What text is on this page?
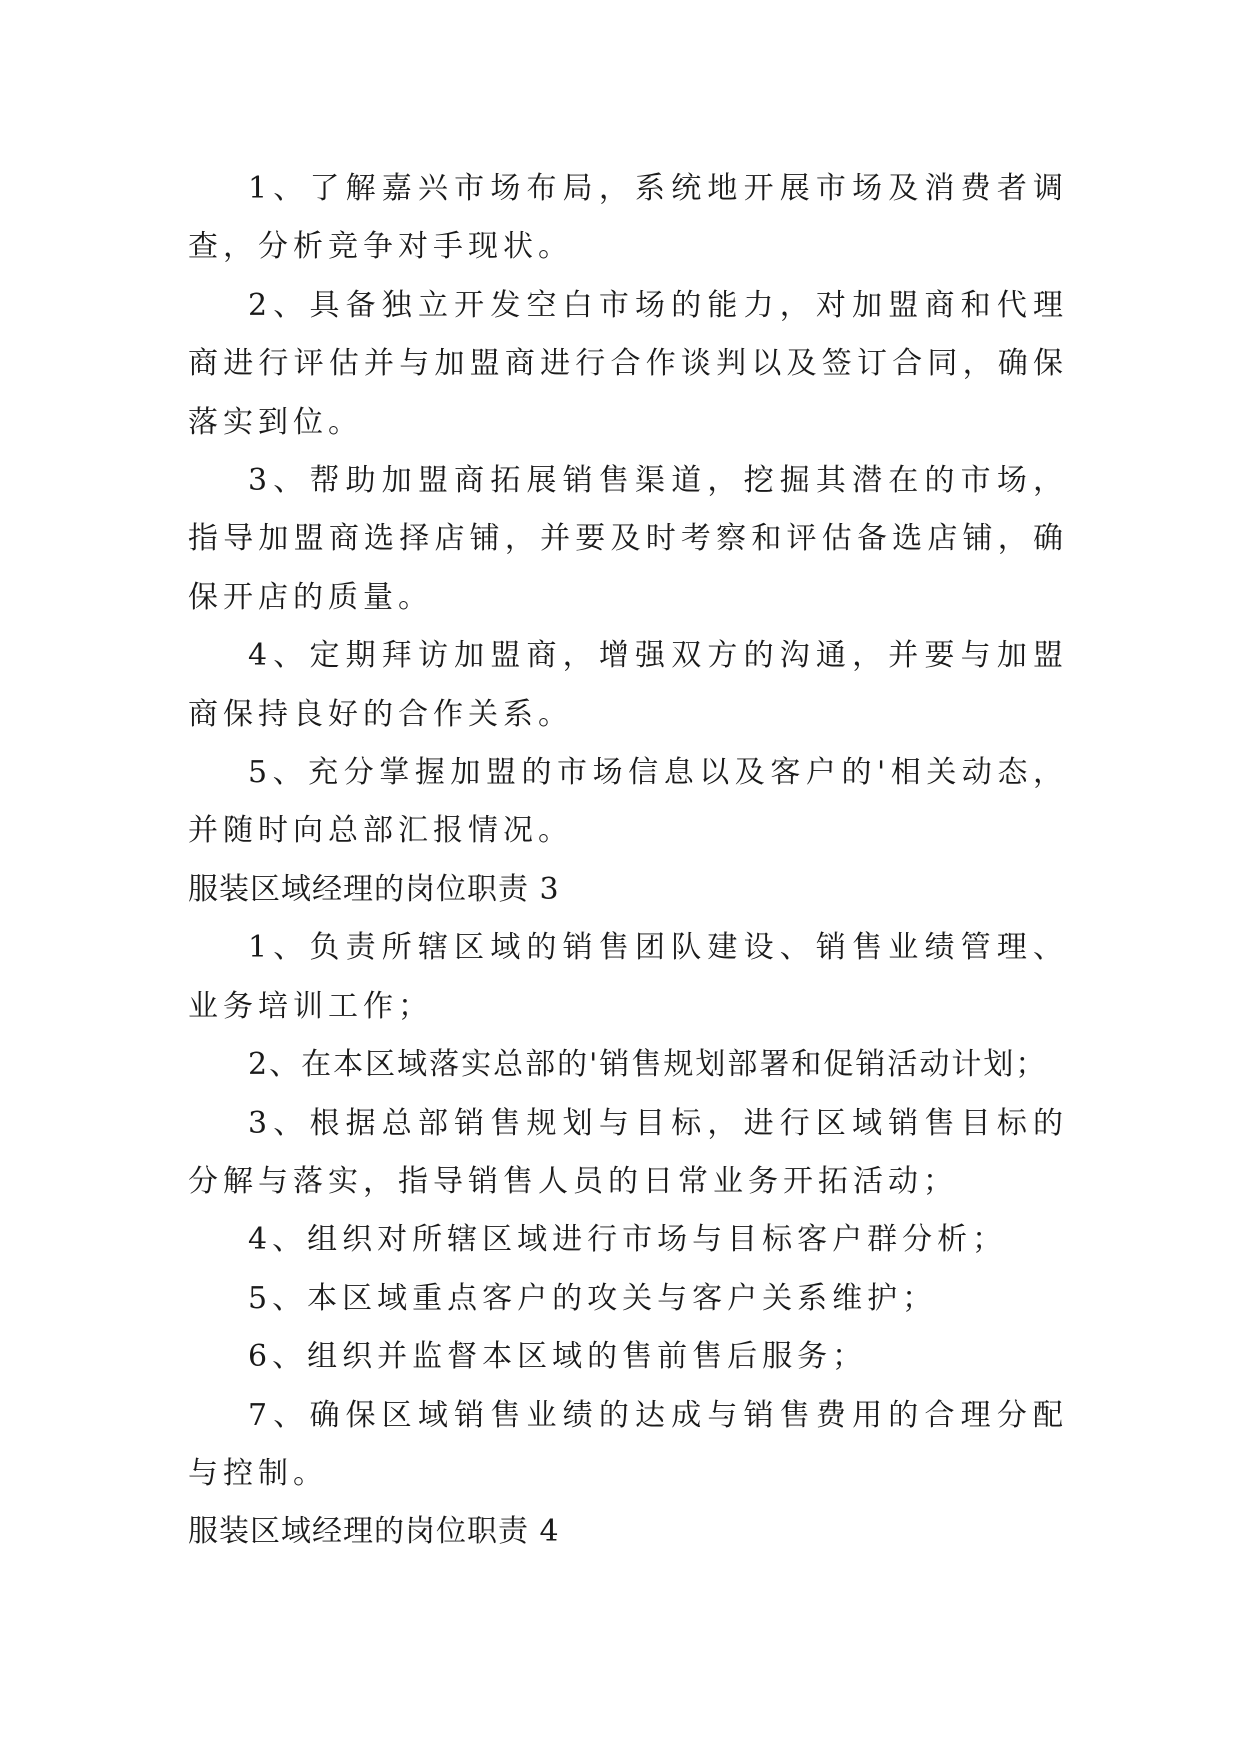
1、了解嘉兴市场布局，系统地开展市场及消费者调查，分析竞争对手现状。

2、具备独立开发空白市场的能力，对加盟商和代理商进行评估并与加盟商进行合作谈判以及签订合同，确保落实到位。

3、帮助加盟商拓展销售渠道，挖掘其潜在的市场，指导加盟商选择店铺，并要及时考察和评估备选店铺，确保开店的质量。

4、定期拜访加盟商，增强双方的沟通，并要与加盟商保持良好的合作关系。

5、充分掌握加盟的市场信息以及客户的'相关动态，并随时向总部汇报情况。

服装区域经理的岗位职责 3

1、负责所辖区域的销售团队建设、销售业绩管理、业务培训工作；

2、在本区域落实总部的'销售规划部署和促销活动计划；

3、根据总部销售规划与目标，进行区域销售目标的分解与落实，指导销售人员的日常业务开拓活动；

4、组织对所辖区域进行市场与目标客户群分析；

5、本区域重点客户的攻关与客户关系维护；

6、组织并监督本区域的售前售后服务；

7、确保区域销售业绩的达成与销售费用的合理分配与控制。

服装区域经理的岗位职责 4
